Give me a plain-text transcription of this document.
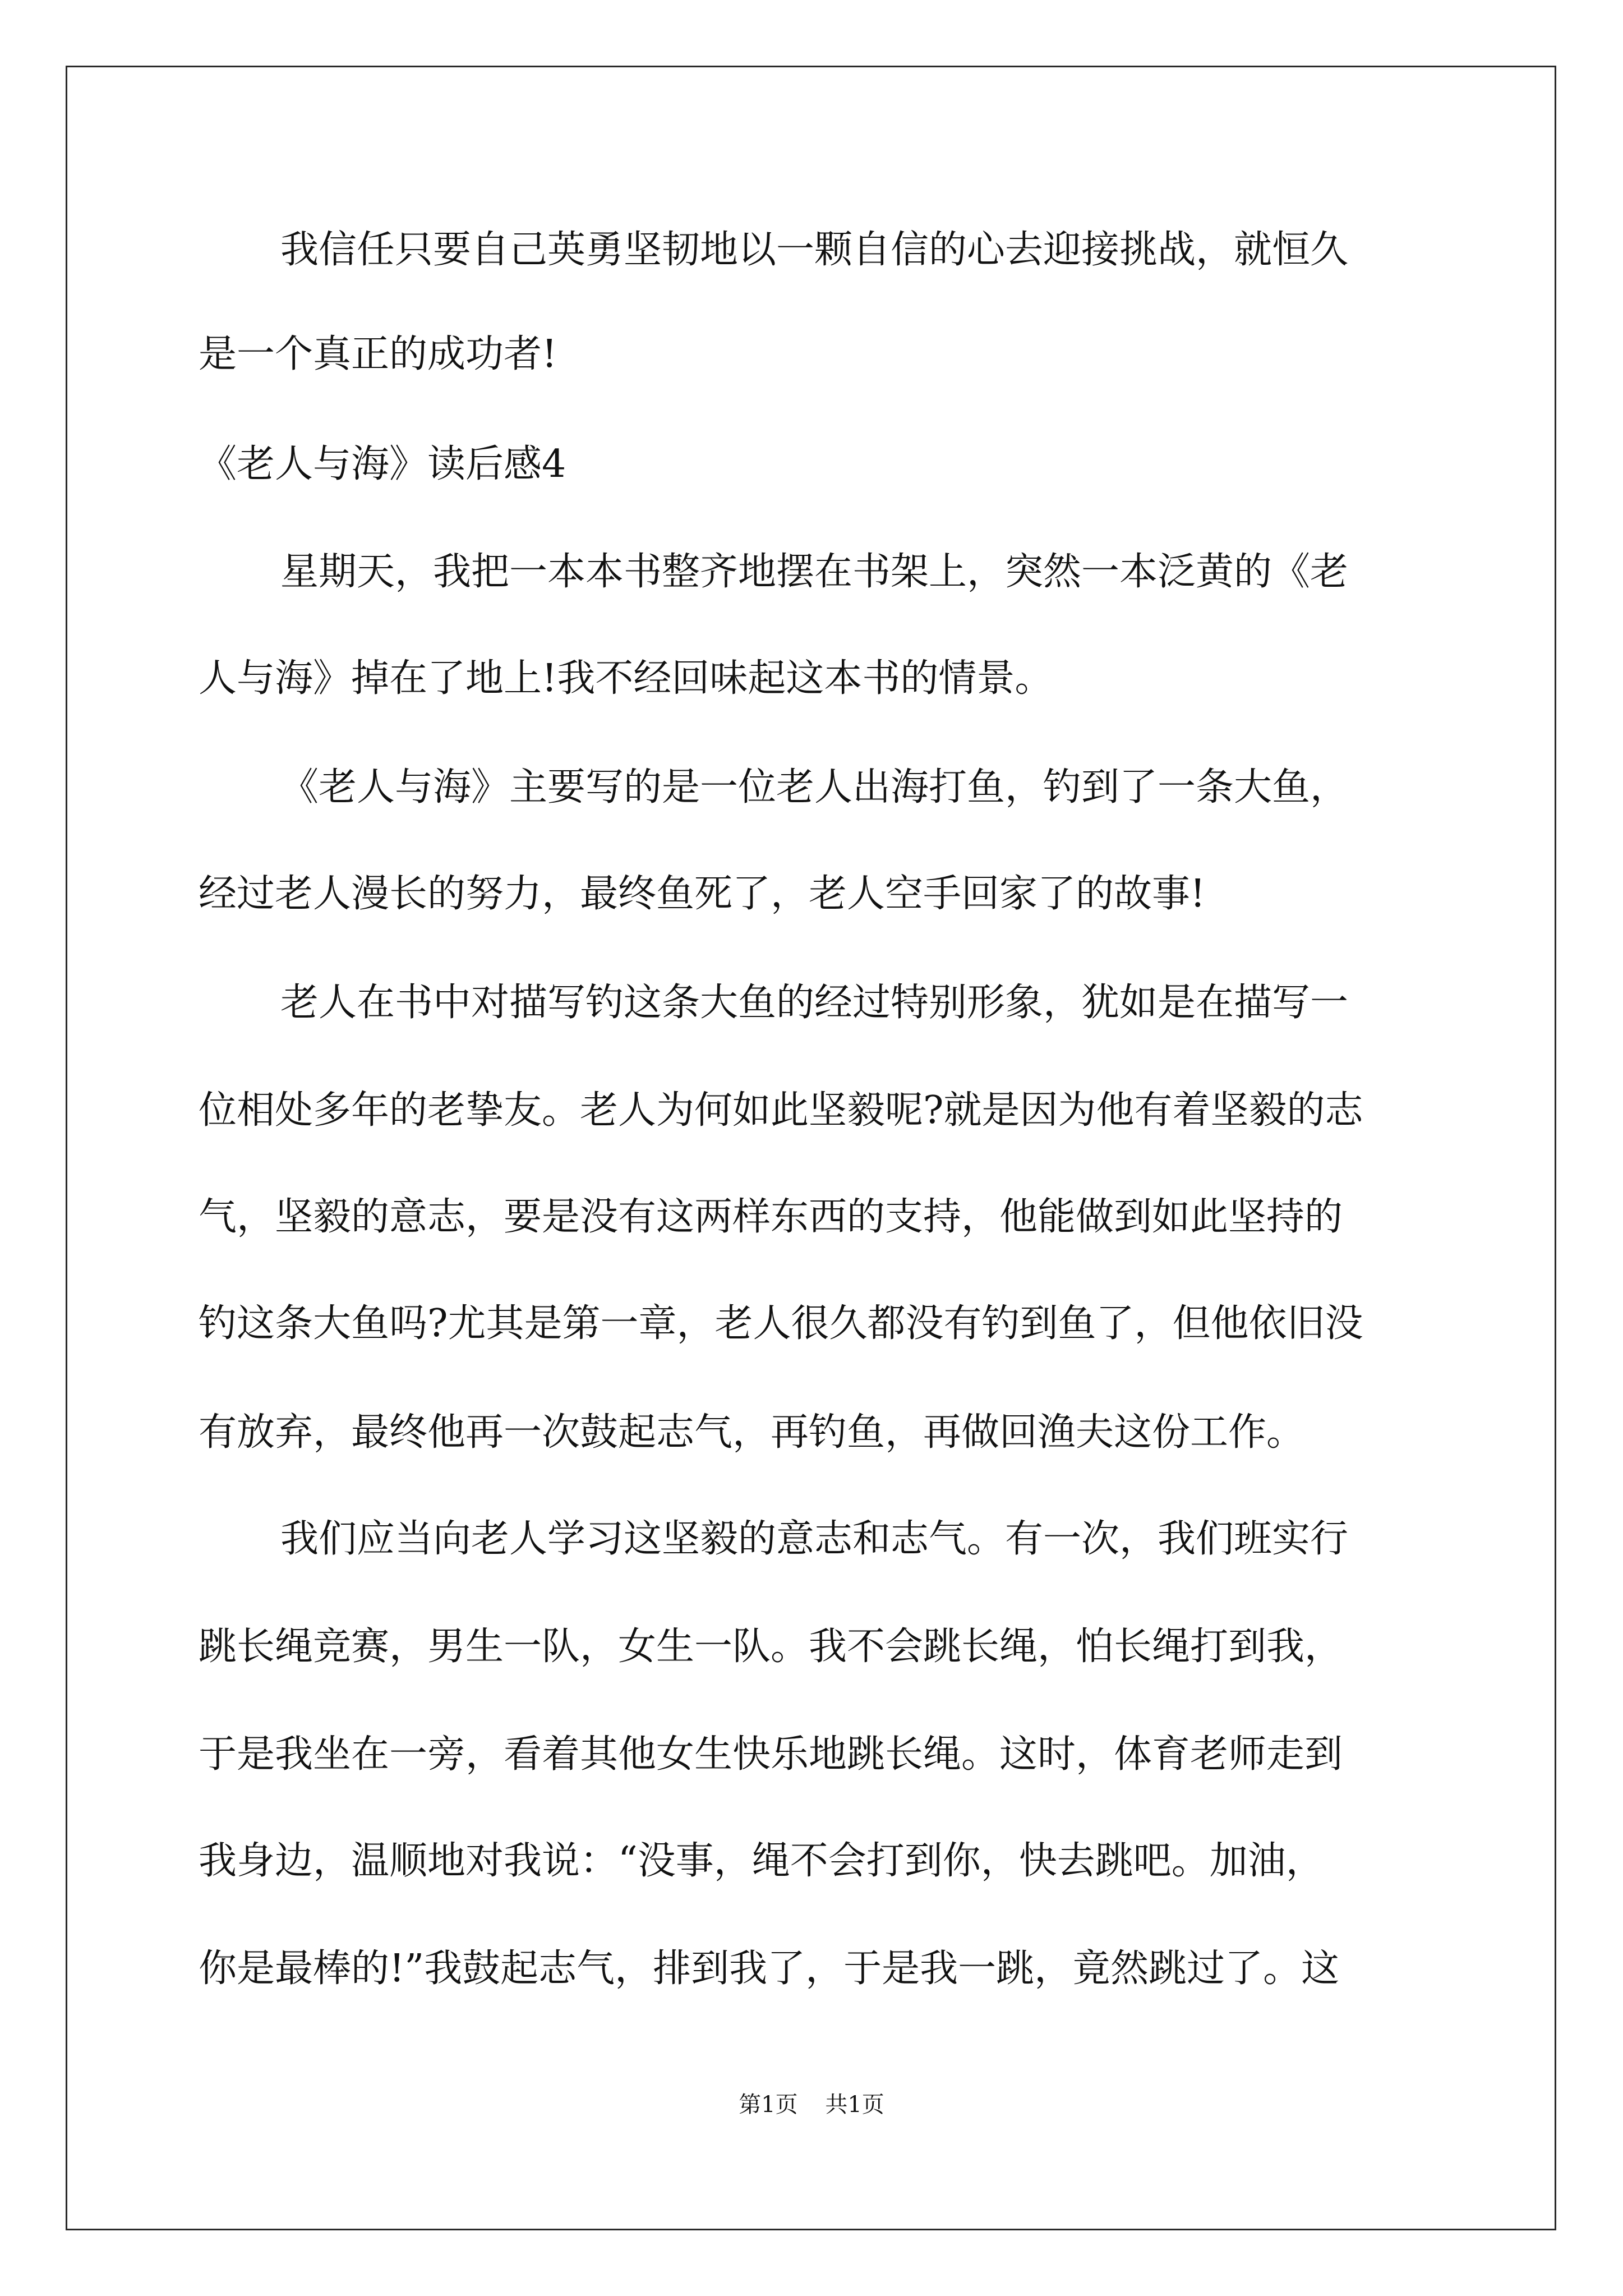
我信任只要自己英勇坚韧地以一颗自信的心去迎接挑战，就恒久
是一个真正的成功者!
《老人与海》读后感4
星期天，我把一本本书整齐地摆在书架上，突然一本泛黄的《老
人与海》掉在了地上!我不经回味起这本书的情景。
《老人与海》主要写的是一位老人出海打鱼，钓到了一条大鱼，
经过老人漫长的努力，最终鱼死了，老人空手回家了的故事!
老人在书中对描写钓这条大鱼的经过特别形象，犹如是在描写一
位相处多年的老挚友。老人为何如此坚毅呢?就是因为他有着坚毅的志
气，坚毅的意志，要是没有这两样东西的支持，他能做到如此坚持的
钓这条大鱼吗?尤其是第一章，老人很久都没有钓到鱼了，但他依旧没
有放弃，最终他再一次鼓起志气，再钓鱼，再做回渔夫这份工作。
我们应当向老人学习这坚毅的意志和志气。有一次，我们班实行
跳长绳竞赛，男生一队，女生一队。我不会跳长绳，怕长绳打到我，
于是我坐在一旁，看着其他女生快乐地跳长绳。这时，体育老师走到
我身边，温顺地对我说：“没事，绳不会打到你，快去跳吧。加油，
你是最棒的!”我鼓起志气，排到我了，于是我一跳，竟然跳过了。这
第1页 共1页
